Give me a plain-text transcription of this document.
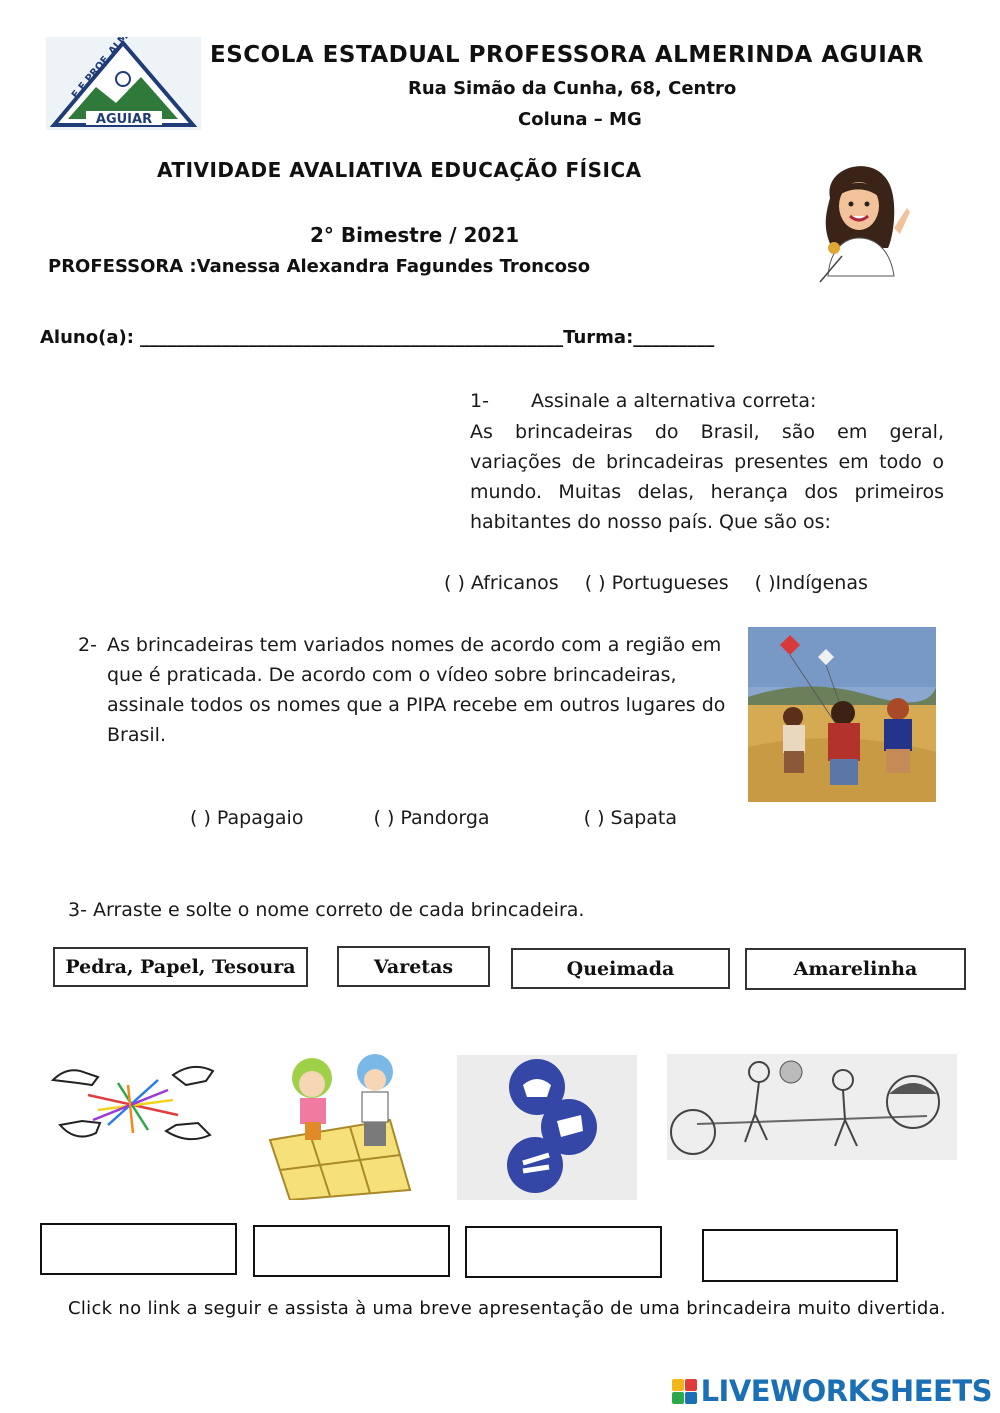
AGUIAR
ESCOLA ESTADUAL PROFESSORA ALMERINDA AGUIAR
Rua Simão da Cunha, 68, Centro
Coluna – MG
ATIVIDADE AVALIATIVA EDUCAÇÃO FÍSICA
2° Bimestre / 2021
PROFESSORA :Vanessa Alexandra Fagundes Troncoso
Aluno(a): _______________________________________________Turma:_________
1- Assinale a alternativa correta:
As brincadeiras do Brasil, são em geral, variações de brincadeiras presentes em todo o mundo. Muitas delas, herança dos primeiros habitantes do nosso país. Que são os:
( ) Africanos ( ) Portugueses ( )Indígenas
2- As brincadeiras tem variados nomes de acordo com a região em que é praticada. De acordo com o vídeo sobre brincadeiras, assinale todos os nomes que a PIPA recebe em outros lugares do Brasil.
( ) Papagaio	( ) Pandorga	( ) Sapata
3- Arraste e solte o nome correto de cada brincadeira.
Pedra, Papel, Tesoura	Varetas	Queimada	Amarelinha
Click no link a seguir e assista à uma breve apresentação de uma brincadeira muito divertida.
LIVEWORKSHEETS
